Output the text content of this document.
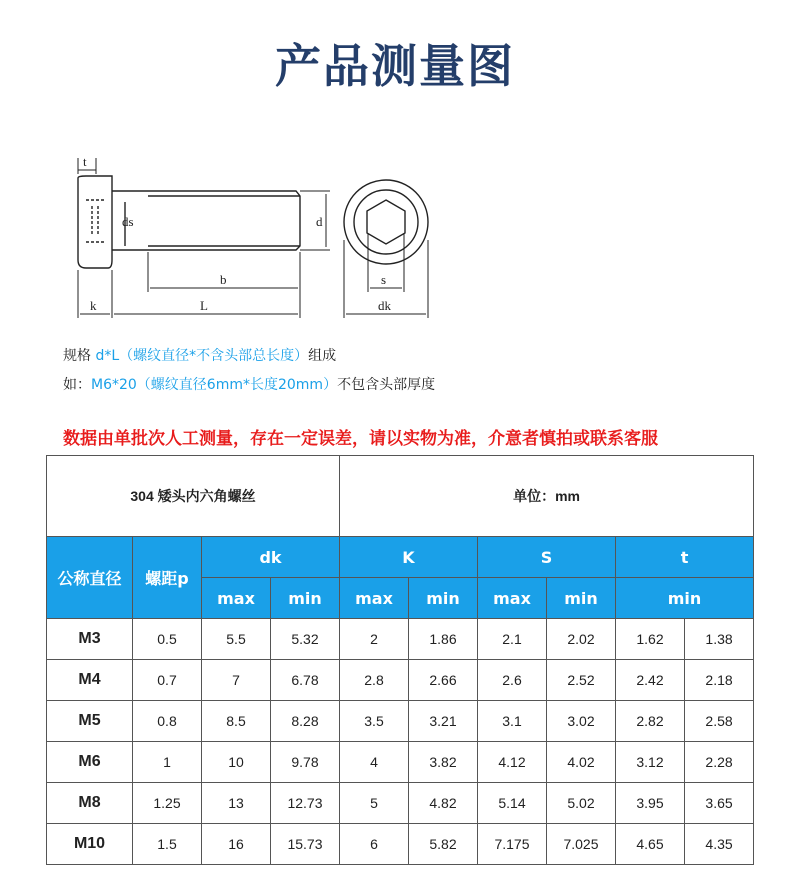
产品测量图
t
ds	d
b
L
k
s
dk
规格 d*L（螺纹直径*不含头部总长度）组成
如：M6*20（螺纹直径6mm*长度20mm）不包含头部厚度
数据由单批次人工测量，存在一定误差，请以实物为准，介意者慎拍或联系客服
304 矮头内六角螺丝				单位：mm					
公称直径	螺距p	dk		K		S		t	
		max	min	max	min	max	min	min	
M3	0.5	5.5	5.32	2	1.86	2.1	2.02	1.62	1.38
M4	0.7	7	6.78	2.8	2.66	2.6	2.52	2.42	2.18
M5	0.8	8.5	8.28	3.5	3.21	3.1	3.02	2.82	2.58
M6	1	10	9.78	4	3.82	4.12	4.02	3.12	2.28
M8	1.25	13	12.73	5	4.82	5.14	5.02	3.95	3.65
M10	1.5	16	15.73	6	5.82	7.175	7.025	4.65	4.35
